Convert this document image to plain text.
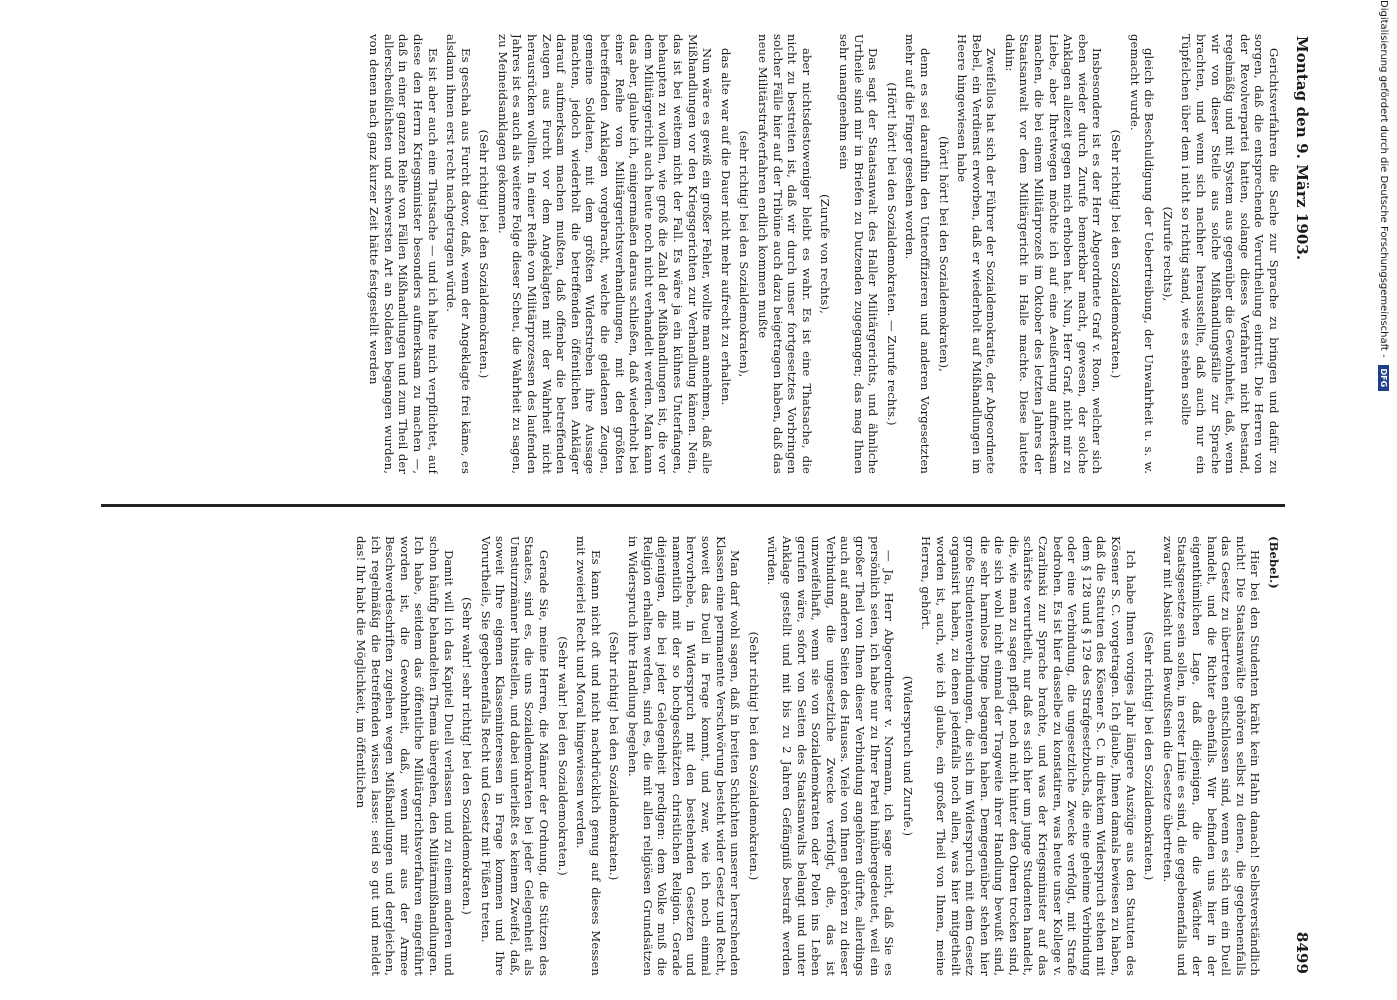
Montag den 9. März 1903.
8499

Gerichtsverfahren die Sache zur Sprache zu bringen und dafür zu sorgen, daß die entsprechende Verurtheilung eintritt. Die Herren von der Revolverpartei hatten, solange dieses Verfahren nicht bestand, regelmäßig und mit System aus gegenüber die Gewohnheit, daß, wenn wir von dieser Stelle aus solche Mißhandlungsfälle zur Sprache brachten, und wenn sich nachher herausstellte, daß auch nur ein Tüpfelchen über dem i nicht so richtig stand, wie es stehen sollte

(Zurufe rechts),

gleich die Beschuldigung der Uebertreibung, der Unwahrheit u. s. w. gemacht wurde.

(Sehr richtig! bei den Sozialdemokraten.)

Insbesondere ist es der Herr Abgeordnete Graf v. Roon, welcher sich eben wieder durch Zurufe bemerkbar macht, gewesen, der solche Anklagen allezeit gegen mich erhoben hat. Nun, Herr Graf, nicht mir zu Liebe, aber Ihretwegen möchte ich auf eine Aeußerung aufmerksam machen, die bei einem Militärprozeß im Oktober des letzten Jahres der Staatsanwalt vor dem Militärgericht in Halle machte. Diese lautete dahin:

Zweifellos hat sich der Führer der Sozialdemokratie, der Abgeordnete Bebel, ein Verdienst erworben, daß er wiederholt auf Mißhandlungen im Heere hingewiesen habe

(hört! hört! bei den Sozialdemokraten),

denn es sei daraufhin den Unteroffizieren und anderen Vorgesetzten mehr auf die Finger gesehen worden.

(Hört! hört! bei den Sozialdemokraten. — Zurufe rechts.)

Das sagt der Staatsanwalt des Haller Militärgerichts, und ähnliche Urtheile sind mir in Briefen zu Dutzenden zugegangen; das mag Ihnen sehr unangenehm sein

(Zurufe von rechts),

aber nichtsdestoweniger bleibt es wahr. Es ist eine Thatsache, die nicht zu bestreiten ist, daß wir durch unser fortgesetztes Vorbringen solcher Fälle hier auf der Tribüne auch dazu beigetragen haben, daß das neue Militärstrafverfahren endlich kommen mußte

(sehr richtig! bei den Sozialdemokraten),

das alte war auf die Dauer nicht mehr aufrecht zu erhalten.

Nun wäre es gewiß ein großer Fehler, wollte man annehmen, daß alle Mißhandlungen vor den Kriegsgerichten zur Verhandlung kämen. Nein, das ist bei weitem nicht der Fall. Es wäre ja ein kühnes Unterfangen, behaupten zu wollen, wie groß die Zahl der Mißhandlungen ist, die vor dem Militärgericht auch heute noch nicht verhandelt werden. Man kann das aber, glaube ich, einigermaßen daraus schließen, daß wiederholt bei einer Reihe von Militärgerichtsverhandlungen, mit den größten betreffenden Anklagen vorgebracht, welche die geladenen Zeugen, gemeine Soldaten, mit dem größten Widerstreben ihre Aussage machten, jedoch wiederholt die betreffenden öffentlichen Ankläger darauf aufmerksam machen mußten, daß offenbar die betreffenden Zeugen aus Furcht vor dem Angeklagten mit der Wahrheit nicht herausrücken wollten. In einer Reihe von Militärprozessen des laufenden Jahres ist es auch als weitere Folge dieser Scheu, die Wahrheit zu sagen, zu Meineidsanklagen gekommen.

(Sehr richtig! bei den Sozialdemokraten.)

Es geschah aus Furcht davor, daß, wenn der Angeklagte frei käme, es alsdann ihnen erst recht nachgetragen würde.

Es ist aber auch eine Thatsache — und ich halte mich verpflichtet, auf diese den Herrn Kriegsminister besonders aufmerksam zu machen —, daß in einer ganzen Reihe von Fällen Mißhandlungen und zum Theil der allerscheußlichsten und schwersten Art an Soldaten begangen wurden, von denen nach ganz kurzer Zeit hätte festgestellt werden

(Bebel.)

Hier bei den Studenten kräht kein Hahn danach! Selbstverständlich nicht! Die Staatsanwälte gehören selbst zu denen, die gegebenenfalls das Gesetz zu übertreten entschlossen sind, wenn es sich um ein Duell handelt, und die Richter ebenfalls. Wir befinden uns hier in der eigenthümlichen Lage, daß diejenigen, die die Wächter der Staatsgesetze sein sollen, in erster Linie es sind, die gegebenenfalls und zwar mit Absicht und Bewußtsein die Gesetze übertreten.

(Sehr richtig! bei den Sozialdemokraten.)

Ich habe Ihnen voriges Jahr längere Auszüge aus den Statuten des Kösener S. C. vorgetragen. Ich glaube, Ihnen damals bewiesen zu haben, daß die Statuten des Kösener S. C. in direktem Widerspruch stehen mit dem § 128 und § 129 des Strafgesetzbuchs, die eine geheime Verbindung oder eine Verbindung, die ungesetzliche Zwecke verfolgt, mit Strafe bedrohen. Es ist hier dasselbe zu konstatiren, was heute unser Kollege v. Czarlinski zur Sprache brachte, und was der Kriegsminister auf das schärfste verurtheilt, nur daß es sich hier um junge Studenten handelt, die, wie man zu sagen pflegt, noch nicht hinter den Ohren trocken sind, die sich wohl nicht einmal der Tragweite ihrer Handlung bewußt sind, die sehr harmlose Dinge begangen haben. Demgegenüber stehen hier große Studentenverbindungen, die sich im Widerspruch mit dem Gesetz organisirt haben, zu denen jedenfalls noch allen, was hier mitgetheilt worden ist, auch, wie ich glaube, ein großer Theil von Ihnen, meine Herren, gehört.

(Widerspruch und Zurufe.)

— Ja, Herr Abgeordneter v. Normann, ich sage nicht, daß Sie es persönlich seien, ich habe nur zu Ihrer Partei hinübergedeutet, weil ein großer Theil von Ihnen dieser Verbindung angehören dürfte, allerdings auch auf anderen Seiten des Hauses. Viele von Ihnen gehören zu dieser Verbindung, die ungesetzliche Zwecke verfolgt, die, das ist unzweifelhaft, wenn sie von Sozialdemokraten oder Polen ins Leben gerufen wäre, sofort von Seiten des Staatsanwalts belangt und unter Anklage gestellt und mit bis zu 2 Jahren Gefängniß bestraft werden würden.

(Sehr richtig! bei den Sozialdemokraten.)

Man darf wohl sagen, daß in breiten Schichten unserer herrschenden Klassen eine permanente Verschwörung besteht wider Gesetz und Recht, soweit das Duell in Frage kommt, und zwar, wie ich noch einmal hervorhebe, in Widerspruch mit den bestehenden Gesetzen und namentlich mit der so hochgeschätzten christlichen Religion. Gerade diejenigen, die bei jeder Gelegenheit predigen: dem Volke muß die Religion erhalten werden, sind es, die mit allen religiösen Grundsätzen in Widerspruch ihre Handlung begehen.

(Sehr richtig! bei den Sozialdemokraten.)

Es kann nicht oft und nicht nachdrücklich genug auf dieses Messen mit zweierlei Recht und Moral hingewiesen werden.

(Sehr wahr! bei den Sozialdemokraten.)

Gerade Sie, meine Herren, die Männer der Ordnung, die Stützen des Staates, sind es, die uns Sozialdemokraten bei jeder Gelegenheit als Umsturzmänner hinstellen, und dabei unterließt es keinem Zweifel, daß, soweit Ihre eigenen Klasseninteressen in Frage kommen und Ihre Vorurtheile, Sie gegebenenfalls Recht und Gesetz mit Füßen treten.

(Sehr wahr! sehr richtig! bei den Sozialdemokraten.)

Damit will ich das Kapitel Duell verlassen und zu einem anderen und schon häufig behandelten Thema übergehen, den Militärmißhandlungen. Ich habe, seitdem das öffentliche Militärgerichtsverfahren eingeführt worden ist, die Gewohnheit, daß, wenn mir aus der Armee Beschwerdeschriften zugehen wegen Mißhandlungen und dergleichen, ich regelmäßig die Betreffenden wissen lasse: seid so gut und meldet das! Ihr habt die Möglichkeit, im öffentlichen

Digitalisierung gefördert durch die Deutsche Forschungsgemeinschaft - DFG
